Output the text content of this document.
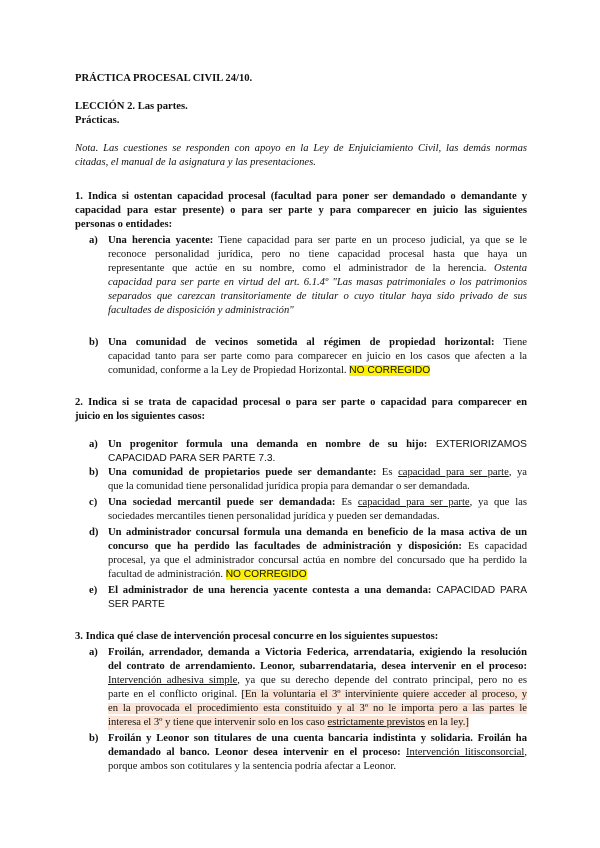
PRÁCTICA PROCESAL CIVIL 24/10.
LECCIÓN 2. Las partes.
Prácticas.
Nota. Las cuestiones se responden con apoyo en la Ley de Enjuiciamiento Civil, las demás normas
citadas, el manual de la asignatura y las presentaciones.
1. Indica si ostentan capacidad procesal (facultad para poner ser demandado o demandante y
capacidad para estar presente) o para ser parte y para comparecer en juicio las siguientes
personas o entidades:
a) Una herencia yacente: Tiene capacidad para ser parte en un proceso judicial, ya que se le
reconoce personalidad jurídica, pero no tiene capacidad procesal hasta que haya un
representante que actúe en su nombre, como el administrador de la herencia. Ostenta
capacidad para ser parte en virtud del art. 6.1.4º "Las masas patrimoniales o los patrimonios
separados que carezcan transitoriamente de titular o cuyo titular haya sido privado de sus
facultades de disposición y administración"
b) Una comunidad de vecinos sometida al régimen de propiedad horizontal: Tiene
capacidad tanto para ser parte como para comparecer en juicio en los casos que afecten a la
comunidad, conforme a la Ley de Propiedad Horizontal. NO CORREGIDO
2. Indica si se trata de capacidad procesal o para ser parte o capacidad para comparecer en
juicio en los siguientes casos:
a) Un progenitor formula una demanda en nombre de su hijo: EXTERIORIZAMOS
CAPACIDAD PARA SER PARTE 7.3.
b) Una comunidad de propietarios puede ser demandante: Es capacidad para ser parte, ya
que la comunidad tiene personalidad jurídica propia para demandar o ser demandada.
c) Una sociedad mercantil puede ser demandada: Es capacidad para ser parte, ya que las
sociedades mercantiles tienen personalidad jurídica y pueden ser demandadas.
d) Un administrador concursal formula una demanda en beneficio de la masa activa de un
concurso que ha perdido las facultades de administración y disposición: Es capacidad
procesal, ya que el administrador concursal actúa en nombre del concursado que ha perdido la
facultad de administración. NO CORREGIDO
e) El administrador de una herencia yacente contesta a una demanda: CAPACIDAD PARA
SER PARTE
3. Indica qué clase de intervención procesal concurre en los siguientes supuestos:
a) Froilán, arrendador, demanda a Victoria Federica, arrendataria, exigiendo la resolución
del contrato de arrendamiento. Leonor, subarrendataria, desea intervenir en el proceso:
Intervención adhesiva simple, ya que su derecho depende del contrato principal, pero no es
parte en el conflicto original. [En la voluntaria el 3º interviniente quiere acceder al proceso, y
en la provocada el procedimiento esta constituido y al 3º no le importa pero a las partes le
interesa el 3º y tiene que intervenir solo en los caso estrictamente previstos en la ley.]
b) Froilán y Leonor son titulares de una cuenta bancaria indistinta y solidaria. Froilán ha
demandado al banco. Leonor desea intervenir en el proceso: Intervención litisconsorcial,
porque ambos son cotitulares y la sentencia podría afectar a Leonor.
